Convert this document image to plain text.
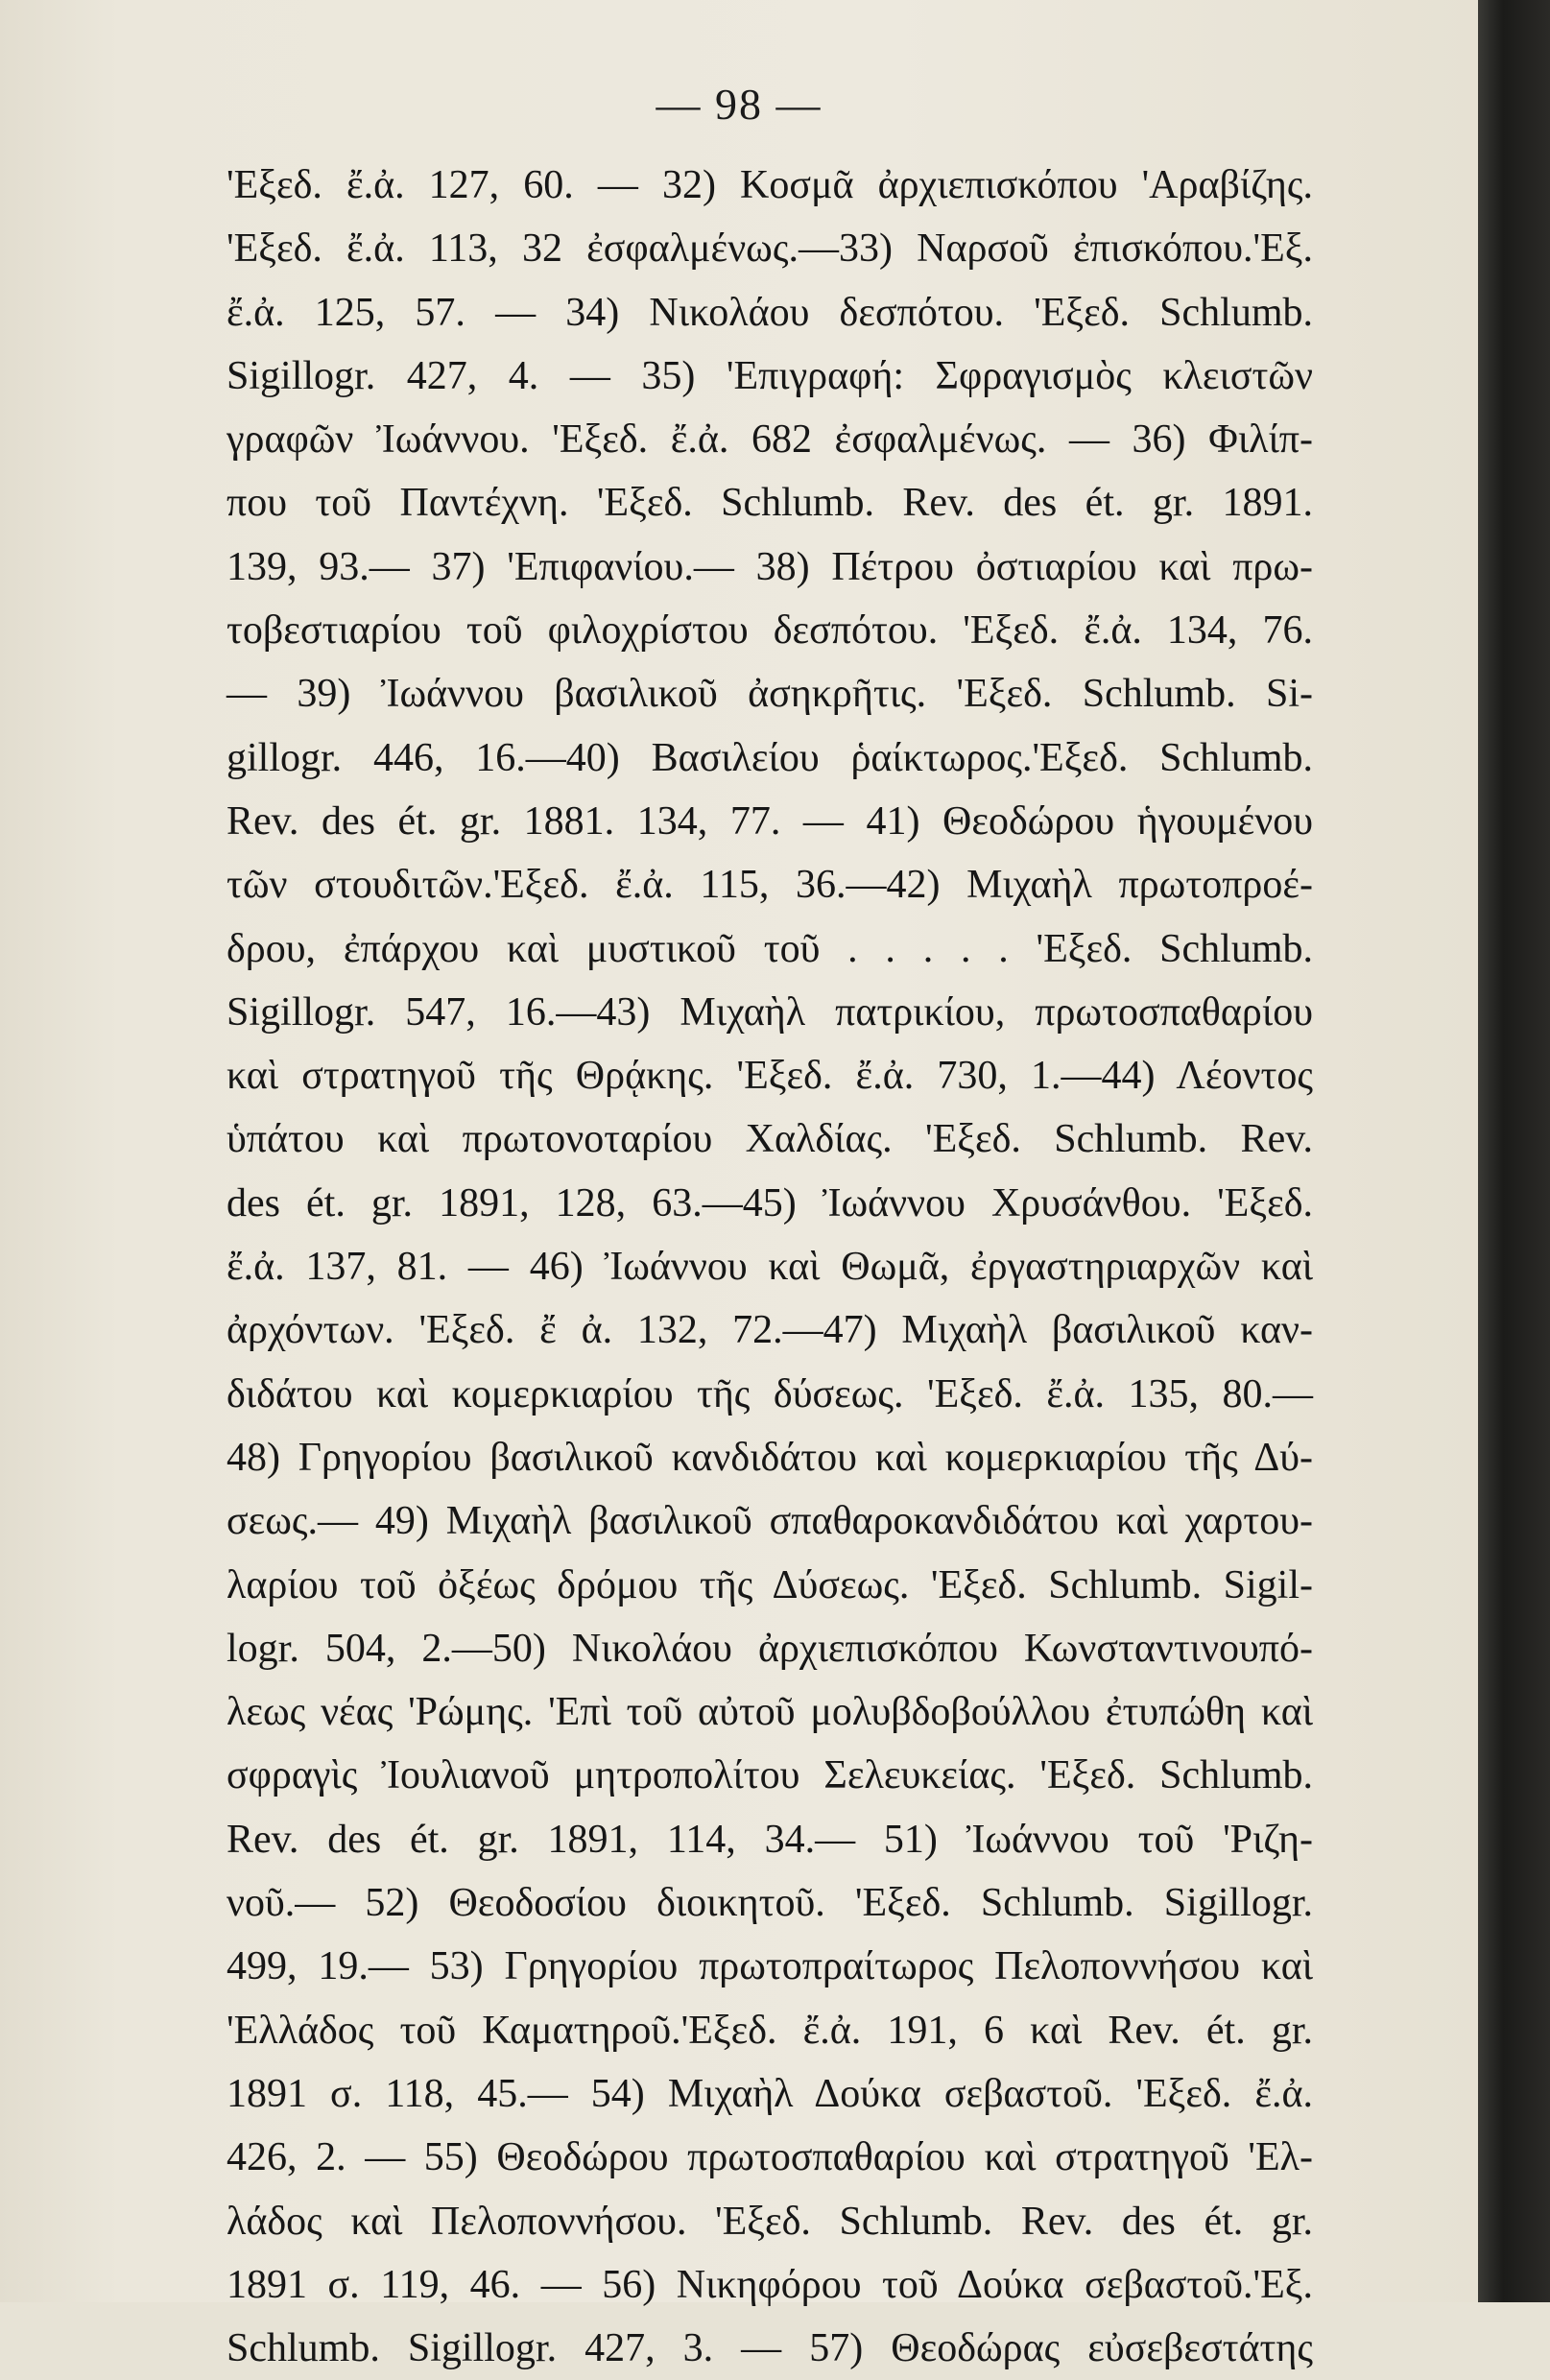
— 98 —
'Εξεδ. ἔ.ἀ. 127, 60. — 32) Κοσμᾶ ἀρχιεπισκόπου 'Αραβίζης.
'Εξεδ. ἔ.ἀ. 113, 32 ἐσφαλμένως.—33) Ναρσοῦ ἐπισκόπου.'Εξ.
ἔ.ἀ. 125, 57. — 34) Νικολάου δεσπότου. 'Εξεδ. Schlumb.
Sigillogr. 427, 4. — 35) 'Επιγραφή: Σφραγισμὸς κλειστῶν
γραφῶν Ἰωάννου. 'Εξεδ. ἔ.ἀ. 682 ἐσφαλμένως. — 36) Φιλίπ-
που τοῦ Παντέχνη. 'Εξεδ. Schlumb. Rev. des ét. gr. 1891.
139, 93.— 37) 'Επιφανίου.— 38) Πέτρου ὀστιαρίου καὶ πρω-
τοβεστιαρίου τοῦ φιλοχρίστου δεσπότου. 'Εξεδ. ἔ.ἀ. 134, 76.
— 39) Ἰωάννου βασιλικοῦ ἀσηκρῆτις. 'Εξεδ. Schlumb. Si-
gillogr. 446, 16.—40) Βασιλείου ῥαίκτωρος.'Εξεδ. Schlumb.
Rev. des ét. gr. 1881. 134, 77. — 41) Θεοδώρου ἡγουμένου
τῶν στουδιτῶν.'Εξεδ. ἔ.ἀ. 115, 36.—42) Μιχαὴλ πρωτοπροέ-
δρου, ἐπάρχου καὶ μυστικοῦ τοῦ . . . . . 'Εξεδ. Schlumb.
Sigillogr. 547, 16.—43) Μιχαὴλ πατρικίου, πρωτοσπαθαρίου
καὶ στρατηγοῦ τῆς Θρᾴκης. 'Εξεδ. ἔ.ἀ. 730, 1.—44) Λέοντος
ὑπάτου καὶ πρωτονοταρίου Χαλδίας. 'Εξεδ. Schlumb. Rev.
des ét. gr. 1891, 128, 63.—45) Ἰωάννου Χρυσάνθου. 'Εξεδ.
ἔ.ἀ. 137, 81. — 46) Ἰωάννου καὶ Θωμᾶ, ἐργαστηριαρχῶν καὶ
ἀρχόντων. 'Εξεδ. ἔ ἀ. 132, 72.—47) Μιχαὴλ βασιλικοῦ καν-
διδάτου καὶ κομερκιαρίου τῆς δύσεως. 'Εξεδ. ἔ.ἀ. 135, 80.—
48) Γρηγορίου βασιλικοῦ κανδιδάτου καὶ κομερκιαρίου τῆς Δύ-
σεως.— 49) Μιχαὴλ βασιλικοῦ σπαθαροκανδιδάτου καὶ χαρτου-
λαρίου τοῦ ὀξέως δρόμου τῆς Δύσεως. 'Εξεδ. Schlumb. Sigil-
logr. 504, 2.—50) Νικολάου ἀρχιεπισκόπου Κωνσταντινουπό-
λεως νέας 'Ρώμης. 'Επὶ τοῦ αὐτοῦ μολυβδοβούλλου ἐτυπώθη καὶ
σφραγὶς Ἰουλιανοῦ μητροπολίτου Σελευκείας. 'Εξεδ. Schlumb.
Rev. des ét. gr. 1891, 114, 34.— 51) Ἰωάννου τοῦ 'Ριζη-
νοῦ.— 52) Θεοδοσίου διοικητοῦ. 'Εξεδ. Schlumb. Sigillogr.
499, 19.— 53) Γρηγορίου πρωτοπραίτωρος Πελοποννήσου καὶ
'Ελλάδος τοῦ Καματηροῦ.'Εξεδ. ἔ.ἀ. 191, 6 καὶ Rev. ét. gr.
1891 σ. 118, 45.— 54) Μιχαὴλ Δούκα σεβαστοῦ. 'Εξεδ. ἔ.ἀ.
426, 2. — 55) Θεοδώρου πρωτοσπαθαρίου καὶ στρατηγοῦ 'Ελ-
λάδος καὶ Πελοποννήσου. 'Εξεδ. Schlumb. Rev. des ét. gr.
1891 σ. 119, 46. — 56) Νικηφόρου τοῦ Δούκα σεβαστοῦ.'Εξ.
Schlumb. Sigillogr. 427, 3. — 57) Θεοδώρας εὐσεβεστάτης
